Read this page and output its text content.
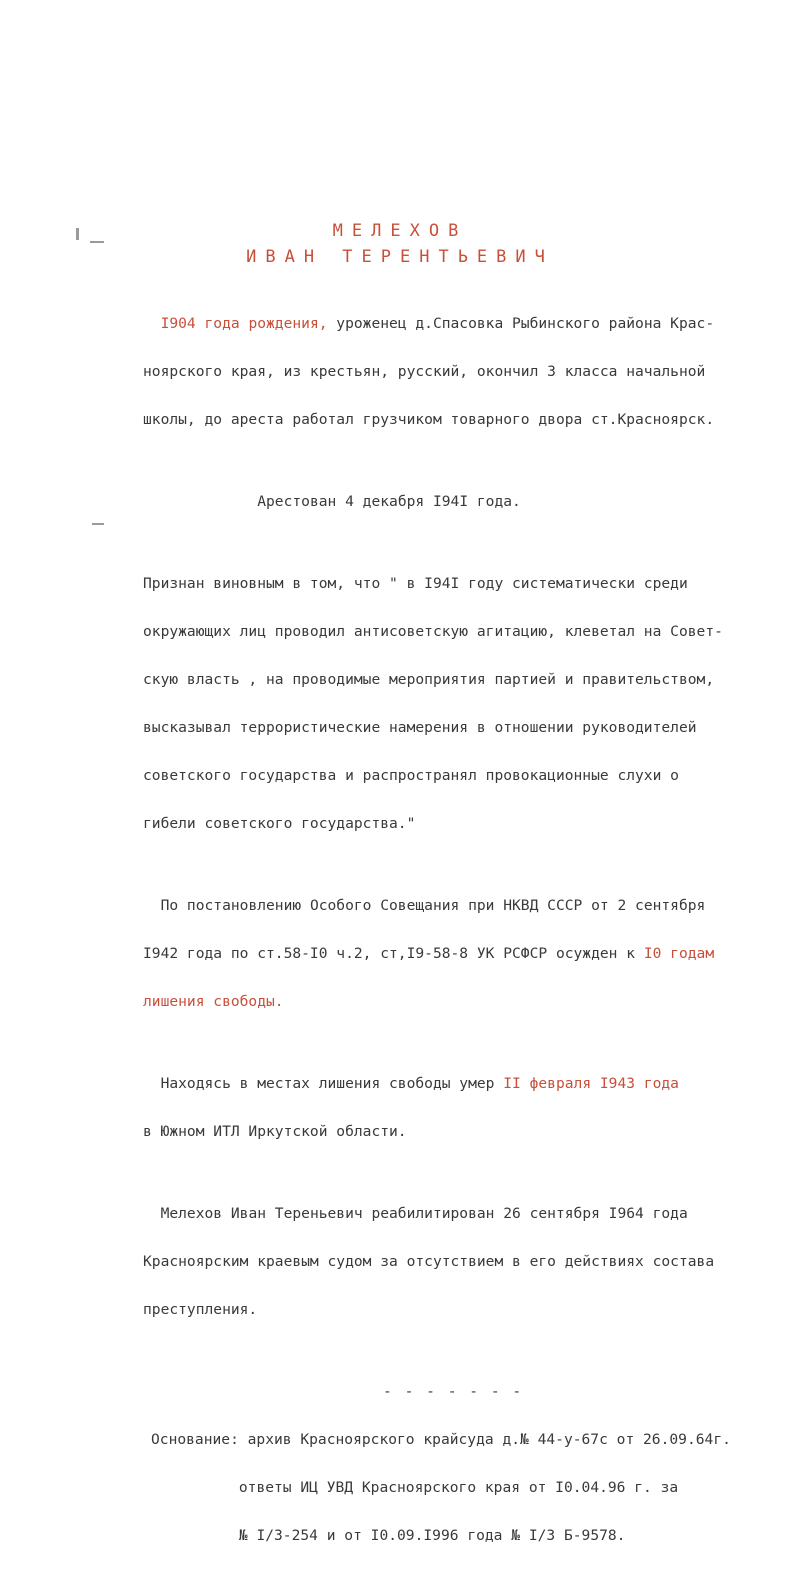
МЕЛЕХОВ
ИВАН ТЕРЕНТЬЕВИЧ

I904 года рождения, уроженец д.Спасовка Рыбинского района Крас-

ноярского края, из крестьян, русский, окончил 3 класса начальной

школы, до ареста работал грузчиком товарного двора ст.Красноярск.

Арестован 4 декабря I94I года.

Признан виновным в том, что " в I94I году систематически среди

окружающих лиц проводил антисоветскую агитацию, клеветал на Совет-

скую власть , на проводимые мероприятия партией и правительством,

высказывал террористические намерения в отношении руководителей

советского государства и распространял провокационные слухи о

гибели советского государства."

По постановлению Особого Совещания при НКВД СССР от 2 сентября

I942 года по ст.58-I0 ч.2, ст,I9-58-8 УК РСФСР осужден к I0 годам

лишения свободы.

Находясь в местах лишения свободы умер II февраля I943 года

в Южном ИТЛ Иркутской области.

Мелехов Иван Тереньевич реабилитирован 26 сентября I964 года

Красноярским краевым судом за отсутствием в его действиях состава

преступления.

- - - - - - -

Основание: архив Красноярского крайсуда д.№ 44-у-67с от 26.09.64г.

ответы ИЦ УВД Красноярского края от I0.04.96 г. за

№ I/3-254 и от I0.09.I996 года № I/3 Б-9578.
